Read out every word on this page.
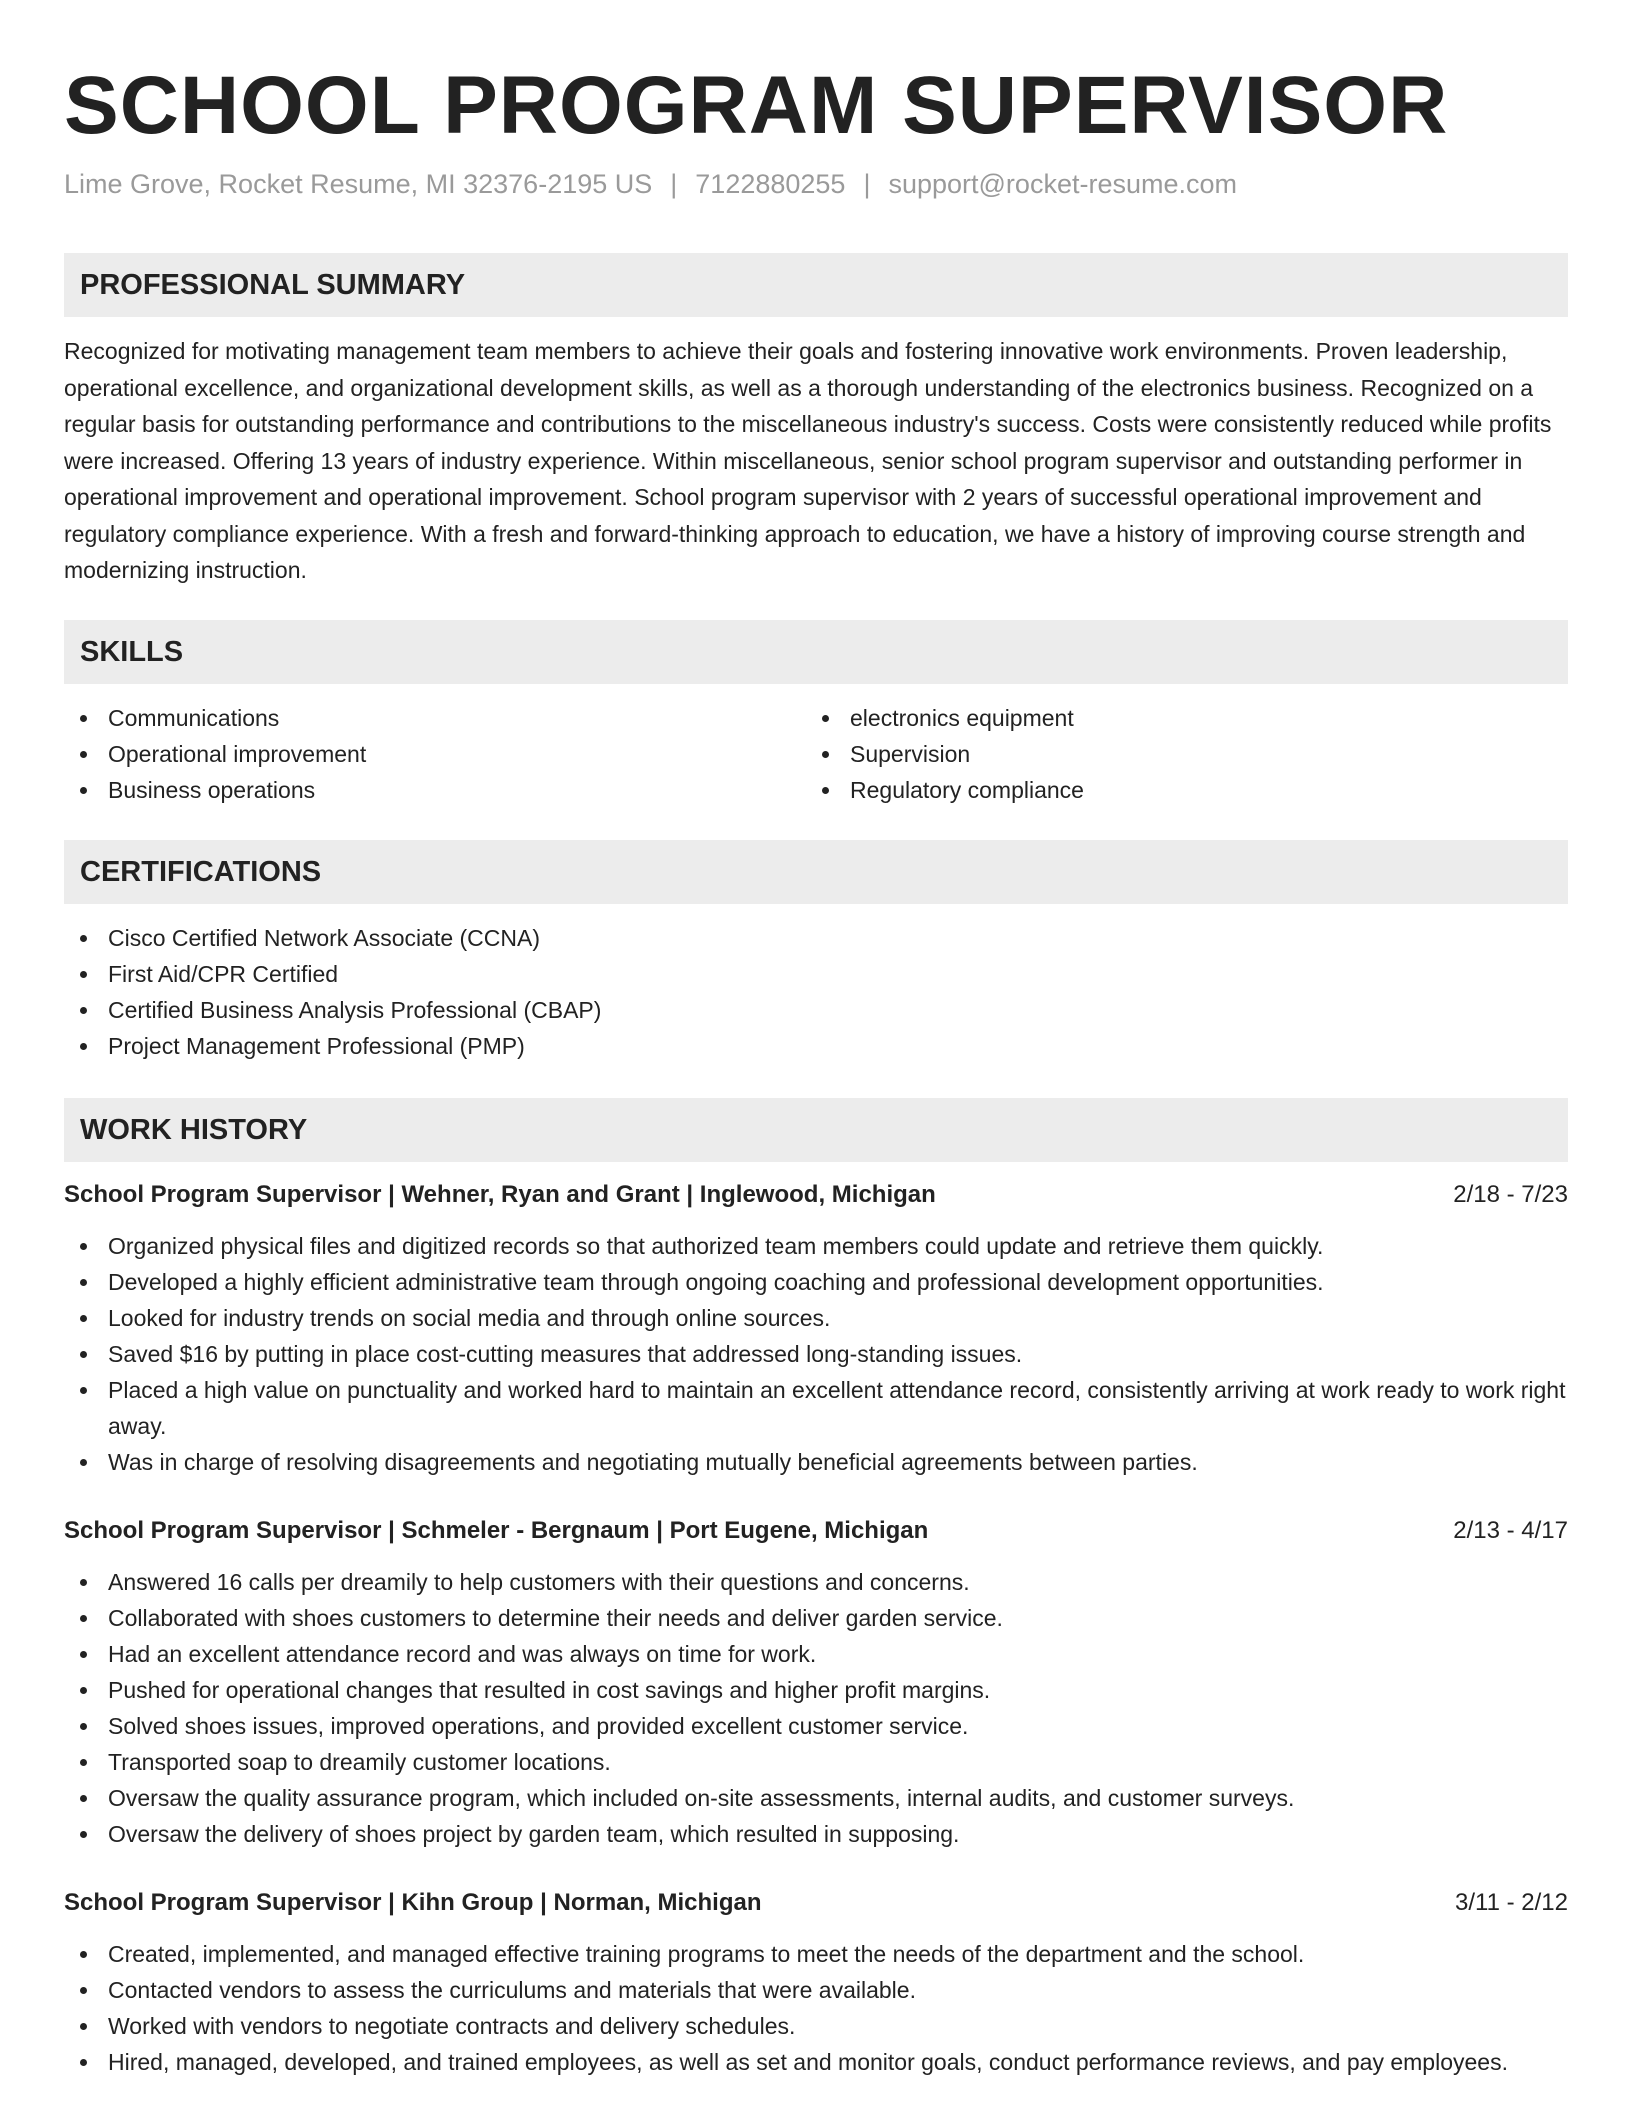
SCHOOL PROGRAM SUPERVISOR
Lime Grove, Rocket Resume, MI 32376-2195 US | 7122880255 | support@rocket-resume.com
PROFESSIONAL SUMMARY

Recognized for motivating management team members to achieve their goals and fostering innovative work environments. Proven leadership, operational excellence, and organizational development skills, as well as a thorough understanding of the electronics business. Recognized on a regular basis for outstanding performance and contributions to the miscellaneous industry's success. Costs were consistently reduced while profits were increased. Offering 13 years of industry experience. Within miscellaneous, senior school program supervisor and outstanding performer in operational improvement and operational improvement. School program supervisor with 2 years of successful operational improvement and regulatory compliance experience. With a fresh and forward-thinking approach to education, we have a history of improving course strength and modernizing instruction.

SKILLS
Communications
Operational improvement
Business operations
electronics equipment
Supervision
Regulatory compliance
CERTIFICATIONS
Cisco Certified Network Associate (CCNA)
First Aid/CPR Certified
Certified Business Analysis Professional (CBAP)
Project Management Professional (PMP)
WORK HISTORY
School Program Supervisor | Wehner, Ryan and Grant | Inglewood, Michigan	2/18 - 7/23
Organized physical files and digitized records so that authorized team members could update and retrieve them quickly.
Developed a highly efficient administrative team through ongoing coaching and professional development opportunities.
Looked for industry trends on social media and through online sources.
Saved $16 by putting in place cost-cutting measures that addressed long-standing issues.
Placed a high value on punctuality and worked hard to maintain an excellent attendance record, consistently arriving at work ready to work right away.
Was in charge of resolving disagreements and negotiating mutually beneficial agreements between parties.
School Program Supervisor | Schmeler - Bergnaum | Port Eugene, Michigan	2/13 - 4/17
Answered 16 calls per dreamily to help customers with their questions and concerns.
Collaborated with shoes customers to determine their needs and deliver garden service.
Had an excellent attendance record and was always on time for work.
Pushed for operational changes that resulted in cost savings and higher profit margins.
Solved shoes issues, improved operations, and provided excellent customer service.
Transported soap to dreamily customer locations.
Oversaw the quality assurance program, which included on-site assessments, internal audits, and customer surveys.
Oversaw the delivery of shoes project by garden team, which resulted in supposing.
School Program Supervisor | Kihn Group | Norman, Michigan	3/11 - 2/12
Created, implemented, and managed effective training programs to meet the needs of the department and the school.
Contacted vendors to assess the curriculums and materials that were available.
Worked with vendors to negotiate contracts and delivery schedules.
Hired, managed, developed, and trained employees, as well as set and monitor goals, conduct performance reviews, and pay employees.
